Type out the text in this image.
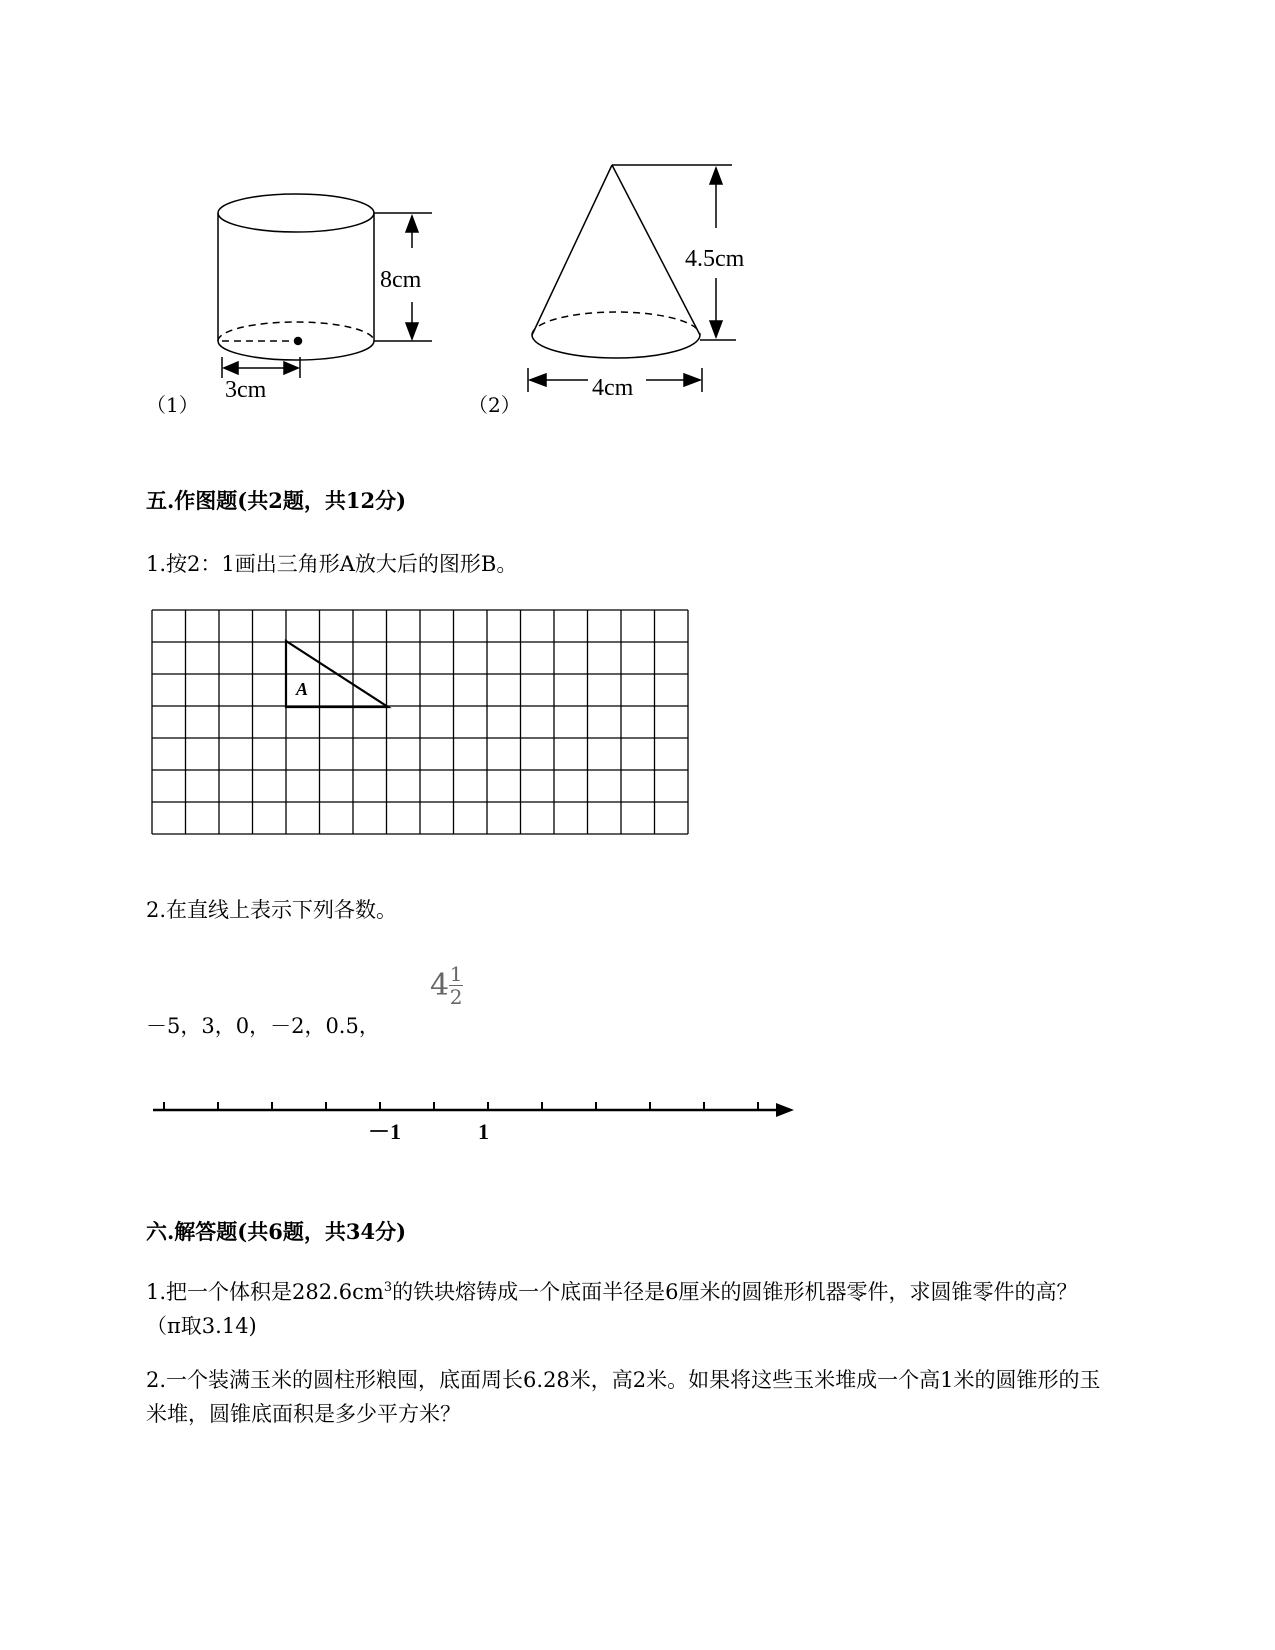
（1）
3cm
8cm
（2）
4cm
4.5cm
五.作图题(共2题，共12分)
1.按2：1画出三角形A放大后的图形B。
A
2.在直线上表示下列各数。
－5，3，0，－2，0.5，
$4 \frac{1}{2}$
－1	1
六.解答题(共6题，共34分)
1.把一个体积是$282.6cm^3$的铁块熔铸成一个底面半径是6厘米的圆锥形机器零件，求圆锥零件的高？（π取3.14)
2.一个装满玉米的圆柱形粮囤，底面周长6.28米，高2米。如果将这些玉米堆成一个高1米的圆锥形的玉米堆，圆锥底面积是多少平方米？
